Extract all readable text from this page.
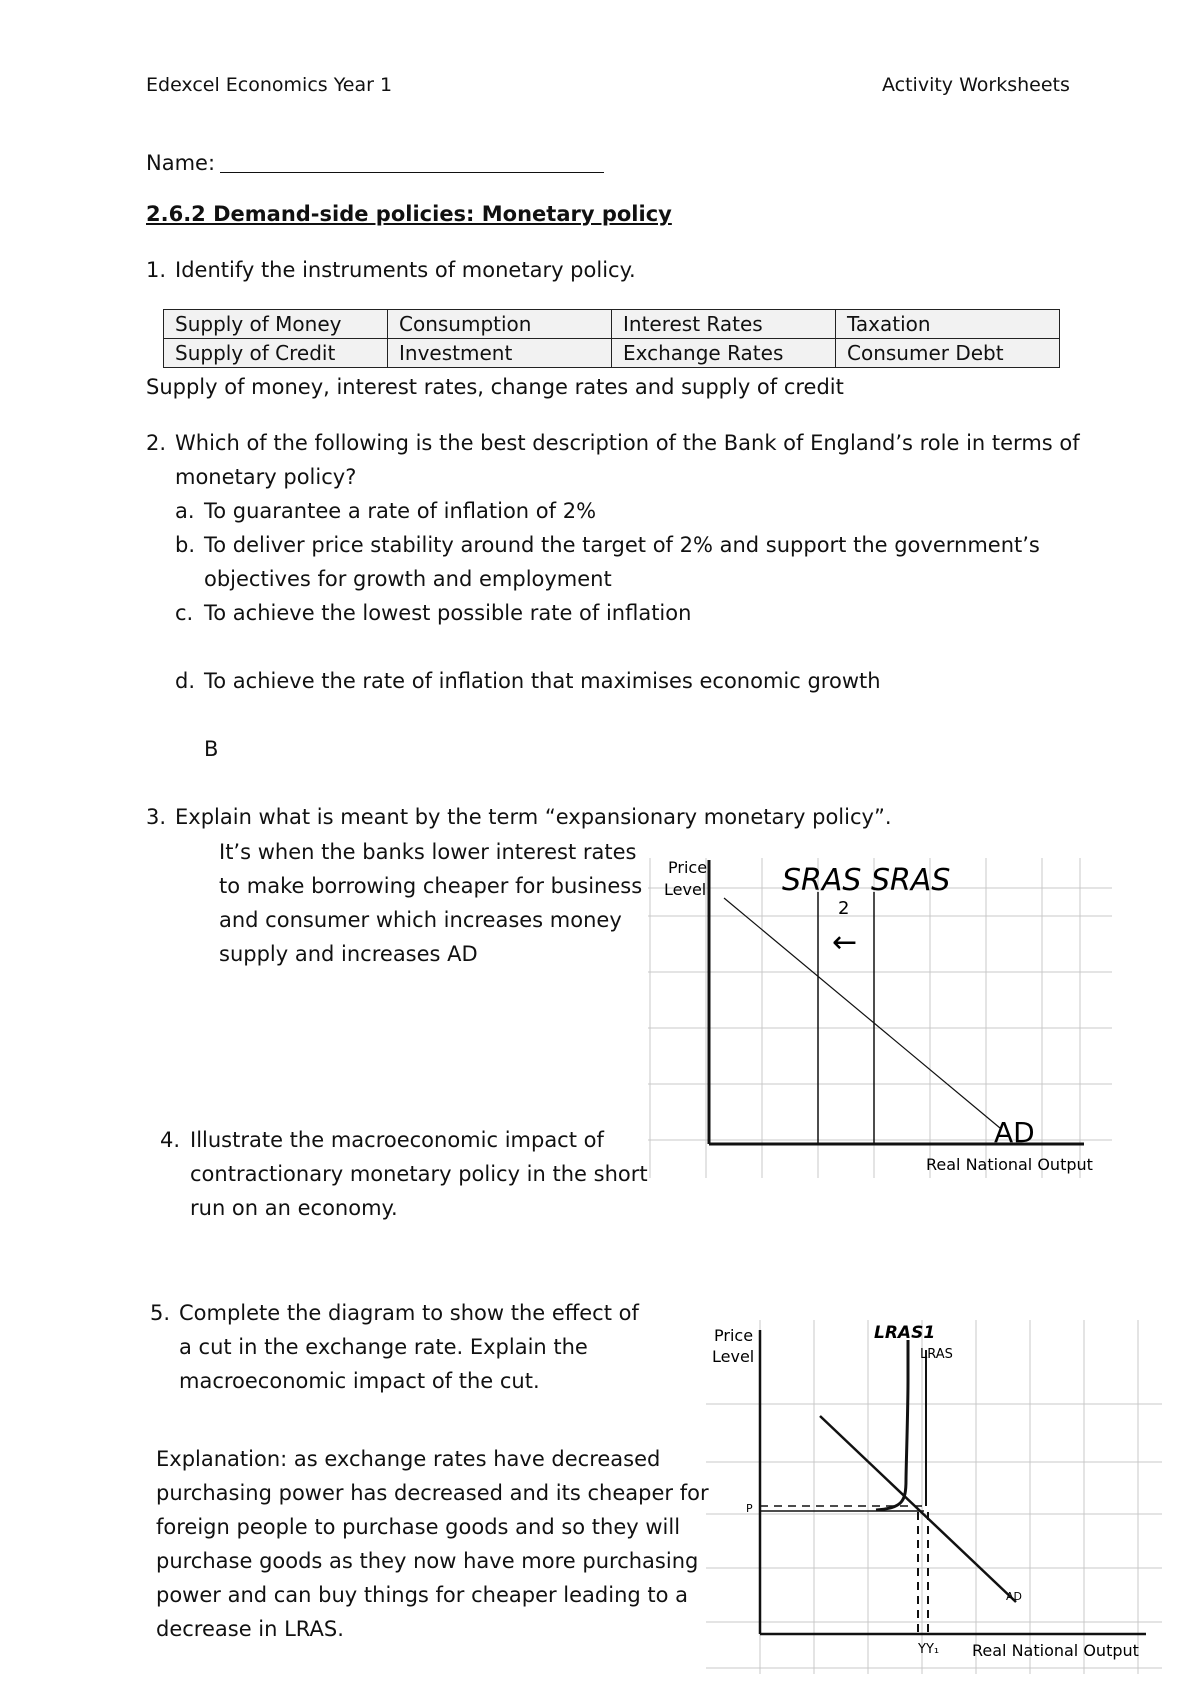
Edexcel Economics Year 1	Activity Worksheets
Name:
2.6.2 Demand-side policies: Monetary policy
1. Identify the instruments of monetary policy.
Supply of Money	Consumption	Interest Rates	Taxation
Supply of Credit	Investment	Exchange Rates	Consumer Debt
Supply of money, interest rates, change rates and supply of credit
2. Which of the following is the best description of the Bank of England’s role in terms of
monetary policy?
a. To guarantee a rate of inflation of 2%
b. To deliver price stability around the target of 2% and support the government’s
objectives for growth and employment
c. To achieve the lowest possible rate of inflation
d. To achieve the rate of inflation that maximises economic growth
B
3. Explain what is meant by the term “expansionary monetary policy”.
It’s when the banks lower interest rates
to make borrowing cheaper for business
and consumer which increases money
supply and increases AD
4. Illustrate the macroeconomic impact of
contractionary monetary policy in the short
run on an economy.
Price
Level
Real National Output
SRAS SRAS
2
←
AD
5. Complete the diagram to show the effect of
a cut in the exchange rate. Explain the
macroeconomic impact of the cut.
Explanation: as exchange rates have decreased
purchasing power has decreased and its cheaper for
foreign people to purchase goods and so they will
purchase goods as they now have more purchasing
power and can buy things for cheaper leading to a
decrease in LRAS.
Price
Level	LRAS
LRAS1
P
YY₁ Real National Output
AD
